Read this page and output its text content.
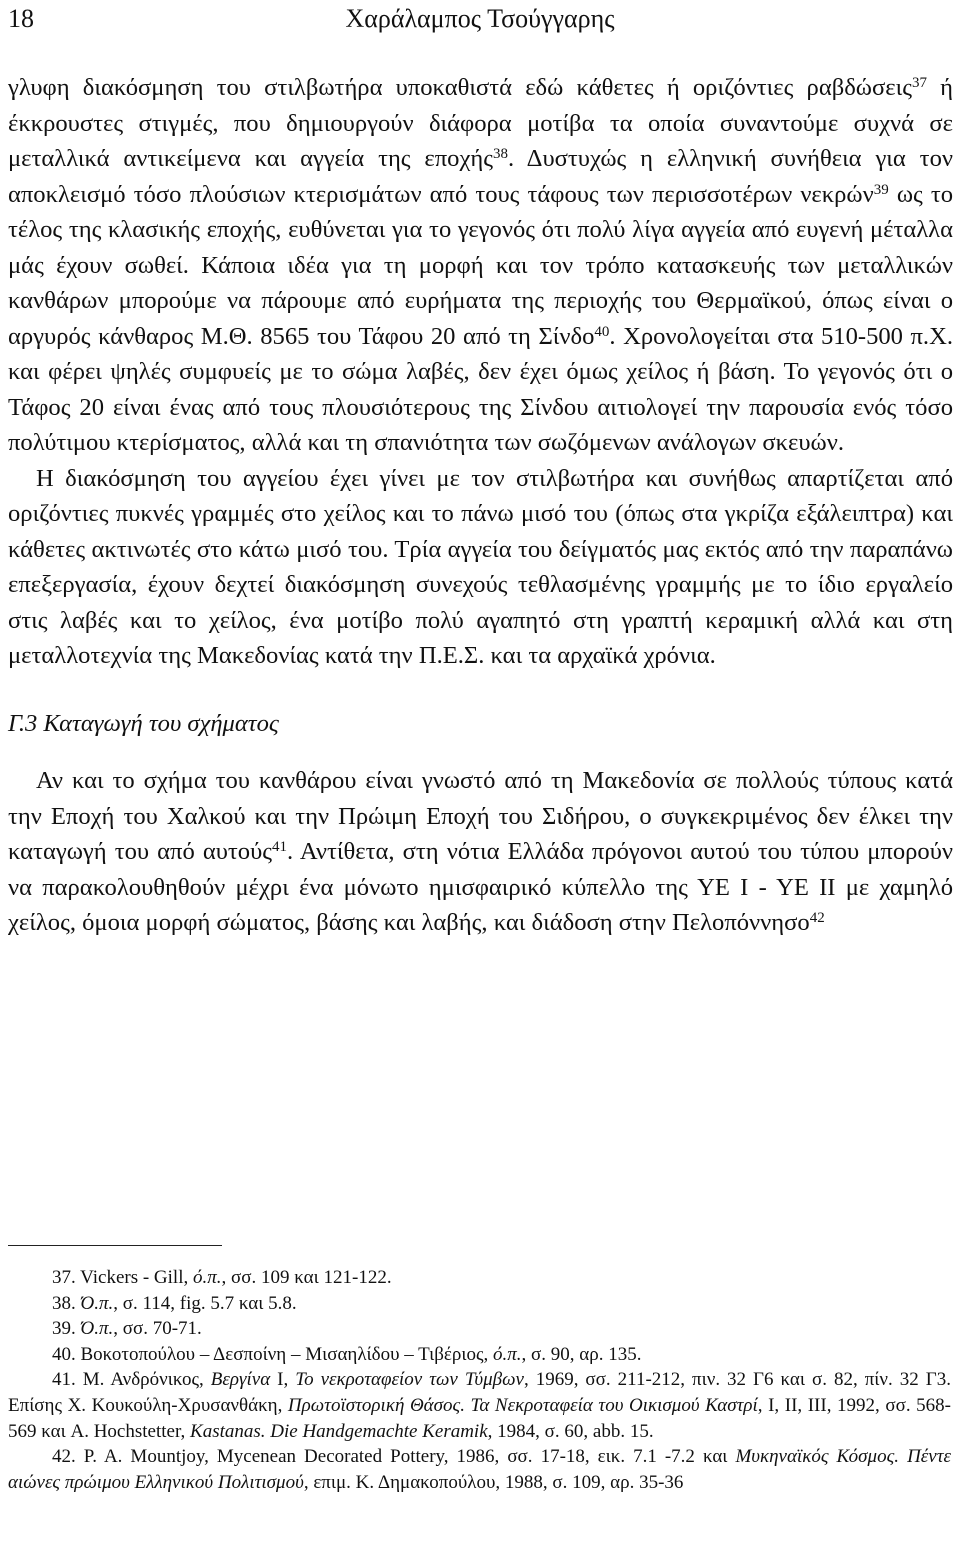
18	Χαράλαμπος Τσούγγαρης

γλυφη διακόσμηση του στιλβωτήρα υποκαθιστά εδώ κάθετες ή οριζόντιες ραβδώσεις$^{37}$ ή έκκρουστες στιγμές, που δημιουργούν διάφορα μοτίβα τα οποία συναντούμε συχνά σε μεταλλικά αντικείμενα και αγγεία της εποχής$^{38}$. Δυστυχώς η ελληνική συνήθεια για τον αποκλεισμό τόσο πλούσιων κτερισμάτων από τους τάφους των περισσοτέρων νεκρών$^{39}$ ως το τέλος της κλασικής εποχής, ευθύνεται για το γεγονός ότι πολύ λίγα αγγεία από ευγενή μέταλλα μάς έχουν σωθεί. Κάποια ιδέα για τη μορφή και τον τρόπο κατασκευής των μεταλλικών κανθάρων μπορούμε να πάρουμε από ευρήματα της περιοχής του Θερμαϊκού, όπως είναι ο αργυρός κάνθαρος Μ.Θ. 8565 του Τάφου 20 από τη Σίνδο$^{40}$. Χρονολογείται στα 510-500 π.Χ. και φέρει ψηλές συμφυείς με το σώμα λαβές, δεν έχει όμως χείλος ή βάση. Το γεγονός ότι ο Τάφος 20 είναι ένας από τους πλουσιότερους της Σίνδου αιτιολογεί την παρουσία ενός τόσο πολύτιμου κτερίσματος, αλλά και τη σπανιότητα των σωζόμενων ανάλογων σκευών.

Η διακόσμηση του αγγείου έχει γίνει με τον στιλβωτήρα και συνήθως απαρτίζεται από οριζόντιες πυκνές γραμμές στο χείλος και το πάνω μισό του (όπως στα γκρίζα εξάλειπτρα) και κάθετες ακτινωτές στο κάτω μισό του. Τρία αγγεία του δείγματός μας εκτός από την παραπάνω επεξεργασία, έχουν δεχτεί διακόσμηση συνεχούς τεθλασμένης γραμμής με το ίδιο εργαλείο στις λαβές και το χείλος, ένα μοτίβο πολύ αγαπητό στη γραπτή κεραμική αλλά και στη μεταλλοτεχνία της Μακεδονίας κατά την Π.Ε.Σ. και τα αρχαϊκά χρόνια.

Γ.3 Καταγωγή του σχήματος

Αν και το σχήμα του κανθάρου είναι γνωστό από τη Μακεδονία σε πολλούς τύπους κατά την Εποχή του Χαλκού και την Πρώιμη Εποχή του Σιδήρου, ο συγκεκριμένος δεν έλκει την καταγωγή του από αυτούς$^{41}$. Αντίθετα, στη νότια Ελλάδα πρόγονοι αυτού του τύπου μπορούν να παρακολουθηθούν μέχρι ένα μόνωτο ημισφαιρικό κύπελλο της ΥΕ Ι - ΥΕ ΙΙ με χαμηλό χείλος, όμοια μορφή σώματος, βάσης και λαβής, και διάδοση στην Πελοπόννησο$^{42}$

37. Vickers - Gill, ό.π., σσ. 109 και 121-122.

38. Ό.π., σ. 114, fig. 5.7 και 5.8.

39. Ό.π., σσ. 70-71.

40. Βοκοτοπούλου – Δεσποίνη – Μισαηλίδου – Τιβέριος, ό.π., σ. 90, αρ. 135.

41. Μ. Ανδρόνικος, Βεργίνα Ι, Το νεκροταφείον των Τύμβων, 1969, σσ. 211-212, πιν. 32 Γ6 και σ. 82, πίν. 32 Γ3. Επίσης Χ. Κουκούλη-Χρυσανθάκη, Πρωτοϊστορική Θάσος. Τα Νεκροταφεία του Οικισμού Καστρί, Ι, ΙΙ, ΙΙΙ, 1992, σσ. 568-569 και A. Hochstetter, Kastanas. Die Handgemachte Keramik, 1984, σ. 60, abb. 15.

42. P. A. Mountjoy, Mycenean Decorated Pottery, 1986, σσ. 17-18, εικ. 7.1 -7.2 και Μυκηναϊκός Κόσμος. Πέντε αιώνες πρώιμου Ελληνικού Πολιτισμού, επιμ. Κ. Δημακοπούλου, 1988, σ. 109, αρ. 35-36
